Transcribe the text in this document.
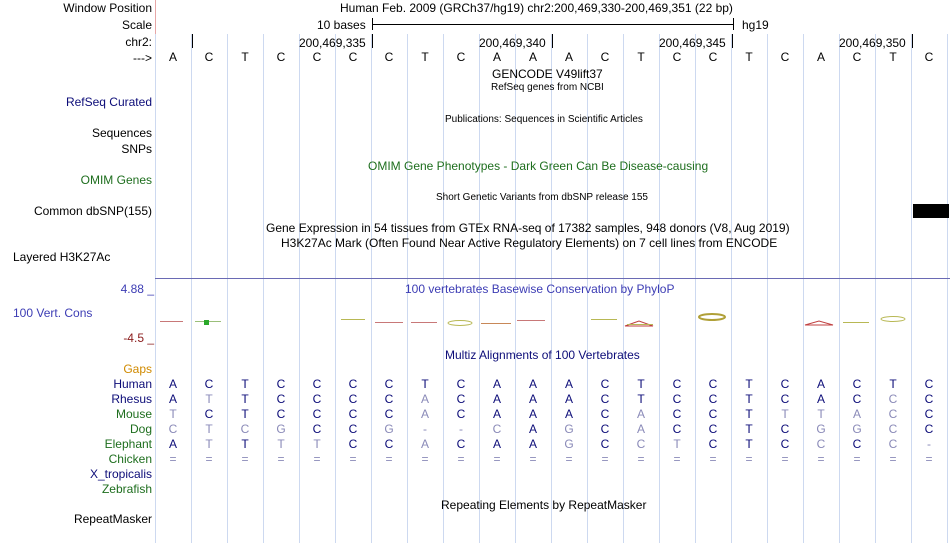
Window Position	Human Feb. 2009 (GRCh37/hg19) chr2:200,469,330-200,469,351 (22 bp)
Scale	10 bases	hg19
chr2:	200,469,335	200,469,340	200,469,345	200,469,350
---> A C T C C C C T C A A A C T C C T C A C T C
GENCODE V49lift37
RefSeq genes from NCBI
RefSeq Curated
Publications: Sequences in Scientific Articles
Sequences
SNPs
OMIM Gene Phenotypes - Dark Green Can Be Disease-causing
OMIM Genes
Short Genetic Variants from dbSNP release 155
Common dbSNP(155)
Gene Expression in 54 tissues from GTEx RNA-seq of 17382 samples, 948 donors (V8, Aug 2019)
H3K27Ac Mark (Often Found Near Active Regulatory Elements) on 7 cell lines from ENCODE
Layered H3K27Ac
100 vertebrates Basewise Conservation by PhyloP
4.88 _
100 Vert. Cons
-4.5 _
Multiz Alignments of 100 Vertebrates
Gaps
Human A C T C C C C T C A A A C T C C T C A C T C
Rhesus A T T C C C C A C A A A C T C C T C A C C C
Mouse T C T C C C C A C A A A C A C C T T T A C C
Dog C T C G C C G	-	-	C A G C A C C T C G G C C
Elephant A T T T T C C A C A A G C C T C T C C C C	-
Chicken = = = = = = = = = = = = = = = = = = = = = =
X_tropicalis
Zebrafish
Repeating Elements by RepeatMasker
RepeatMasker
